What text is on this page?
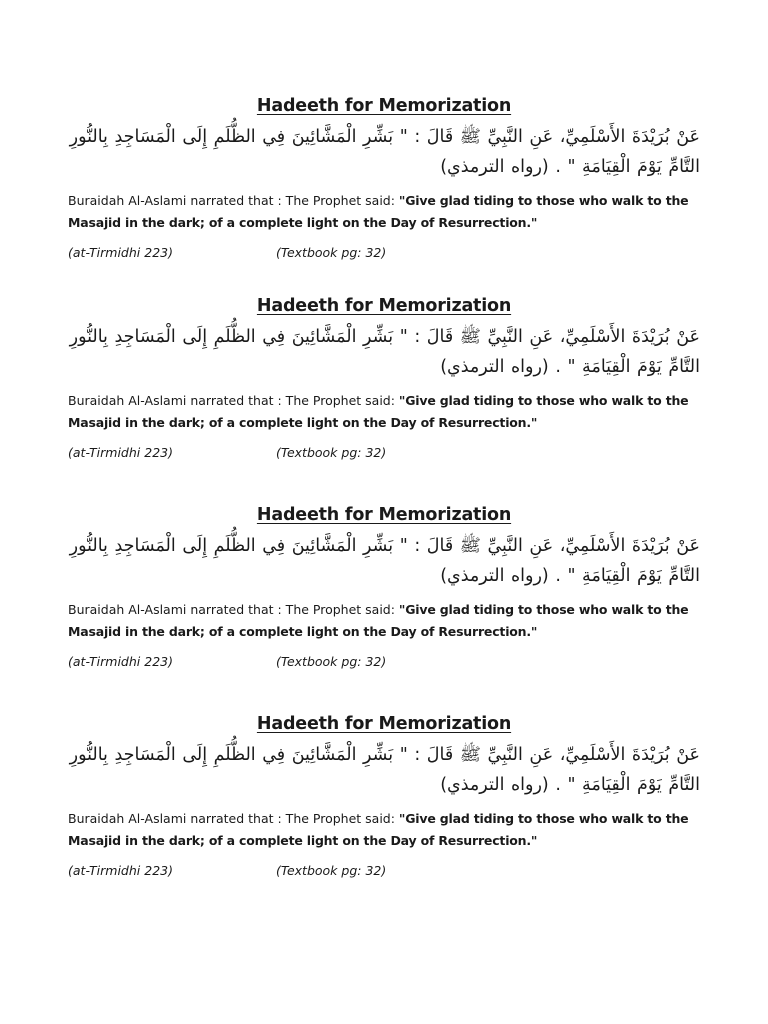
Hadeeth for Memorization
عَنْ بُرَيْدَةَ الأَسْلَمِيِّ، عَنِ النَّبِيِّ ﷺ قَالَ : " بَشِّرِ الْمَشَّائِينَ فِي الظُّلَمِ إِلَى الْمَسَاجِدِ بِالنُّورِ
التَّامِّ يَوْمَ الْقِيَامَةِ " . (رواه الترمذي)
Buraidah Al-Aslami narrated that : The Prophet said: "Give glad tiding to those who walk to the Masajid in the dark; of a complete light on the Day of Resurrection."
(at-Tirmidhi 223)	(Textbook pg: 32)
Hadeeth for Memorization
عَنْ بُرَيْدَةَ الأَسْلَمِيِّ، عَنِ النَّبِيِّ ﷺ قَالَ : " بَشِّرِ الْمَشَّائِينَ فِي الظُّلَمِ إِلَى الْمَسَاجِدِ بِالنُّورِ
التَّامِّ يَوْمَ الْقِيَامَةِ " . (رواه الترمذي)
Buraidah Al-Aslami narrated that : The Prophet said: "Give glad tiding to those who walk to the Masajid in the dark; of a complete light on the Day of Resurrection."
(at-Tirmidhi 223)	(Textbook pg: 32)
Hadeeth for Memorization
عَنْ بُرَيْدَةَ الأَسْلَمِيِّ، عَنِ النَّبِيِّ ﷺ قَالَ : " بَشِّرِ الْمَشَّائِينَ فِي الظُّلَمِ إِلَى الْمَسَاجِدِ بِالنُّورِ
التَّامِّ يَوْمَ الْقِيَامَةِ " . (رواه الترمذي)
Buraidah Al-Aslami narrated that : The Prophet said: "Give glad tiding to those who walk to the Masajid in the dark; of a complete light on the Day of Resurrection."
(at-Tirmidhi 223)	(Textbook pg: 32)
Hadeeth for Memorization
عَنْ بُرَيْدَةَ الأَسْلَمِيِّ، عَنِ النَّبِيِّ ﷺ قَالَ : " بَشِّرِ الْمَشَّائِينَ فِي الظُّلَمِ إِلَى الْمَسَاجِدِ بِالنُّورِ
التَّامِّ يَوْمَ الْقِيَامَةِ " . (رواه الترمذي)
Buraidah Al-Aslami narrated that : The Prophet said: "Give glad tiding to those who walk to the Masajid in the dark; of a complete light on the Day of Resurrection."
(at-Tirmidhi 223)	(Textbook pg: 32)
